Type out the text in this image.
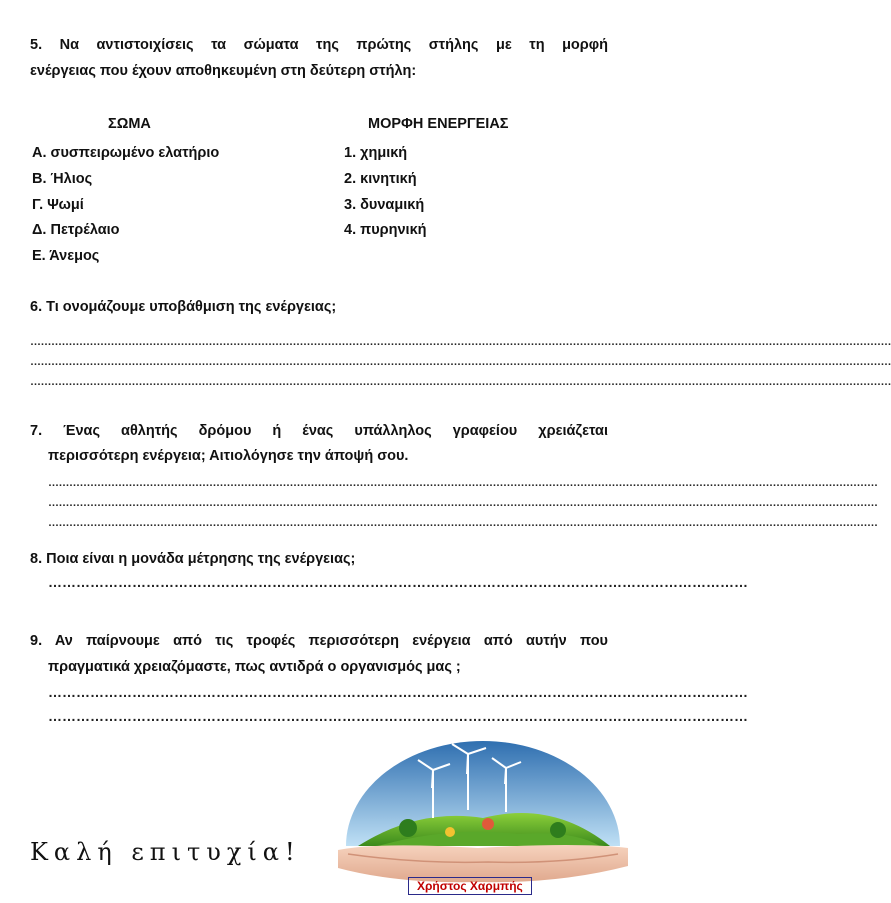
5. Να αντιστοιχίσεις τα σώματα της πρώτης στήλης με τη μορφή
ενέργειας που έχουν αποθηκευμένη στη δεύτερη στήλη:
ΣΩΜΑ	ΜΟΡΦΗ ΕΝΕΡΓΕΙΑΣ
Α. συσπειρωμένο ελατήριο
Β. Ήλιος
Γ. Ψωμί
Δ. Πετρέλαιο
Ε. Άνεμος
1. χημική
2. κινητική
3. δυναμική
4. πυρηνική
6. Τι ονομάζουμε υποβάθμιση της ενέργειας;
…………………………………………………………………………………………………………………………………………………………………………………………………………………………
…………………………………………………………………………………………………………………………………………………………………………………………………………………………
…………………………………………………………………………………………………………………………………………………………………………………………………………………………
7. Ένας αθλητής δρόμου ή ένας υπάλληλος γραφείου χρειάζεται
περισσότερη ενέργεια; Αιτιολόγησε την άποψή σου.
…………………………………………………………………………………………………………………………………………………………………………………………………………………
…………………………………………………………………………………………………………………………………………………………………………………………………………………
…………………………………………………………………………………………………………………………………………………………………………………………………………………
8. Ποια είναι η μονάδα μέτρησης της ενέργειας;
……………………………………………………………………………………………………………………………………
9. Αν παίρνουμε από τις τροφές περισσότερη ενέργεια από αυτήν που
πραγματικά χρειαζόμαστε, πως αντιδρά ο οργανισμός μας ;
……………………………………………………………………………………………………………………………………
……………………………………………………………………………………………………………………………………
Καλή επιτυχία!
Χρήστος Χαρμπής
